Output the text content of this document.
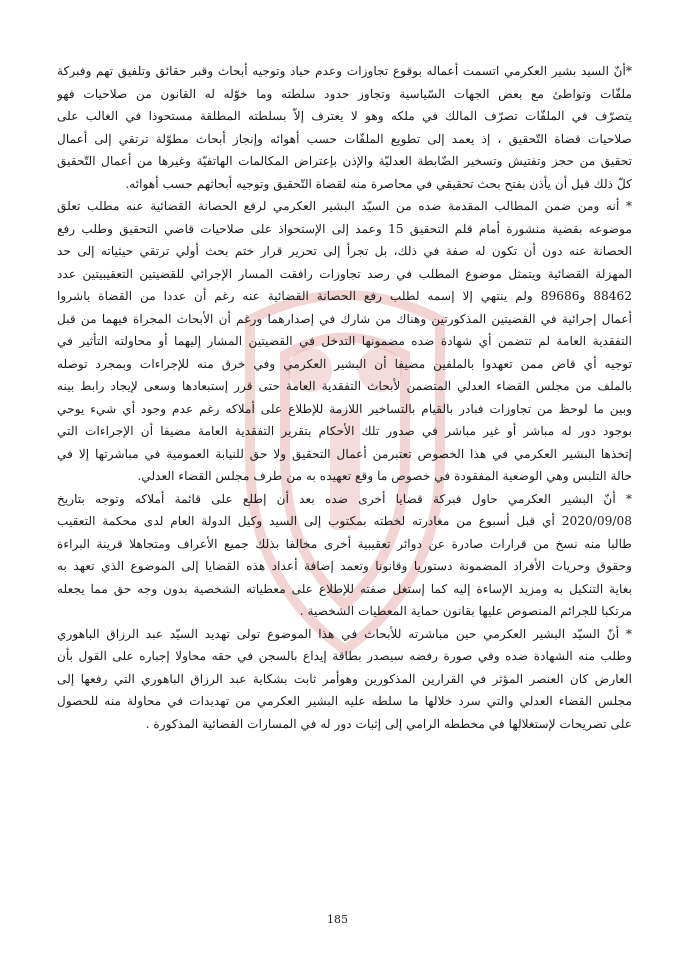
*أنّ السيد بشير العكرمي اتسمت أعماله بوقوع تجاوزات وعدم حياد وتوجيه أبحاث وقبر حقائق وتلفيق تهم وفبركة
ملفّات وتواطئ مع بعض الجهات السّياسية وتجاوز حدود سلطته وما خوّله له القانون من صلاحيات فهو
يتصرّف في الملفّات تصرّف المالك في ملكه وهو لا يعترف إلاّ بسلطته المطلقة مستحوذا في الغالب على
صلاحيات قضاة التّحقيق ، إذ يعمد إلى تطويع الملفّات حسب أهوائه وإنجاز أبحاث مطوّلة ترتقي إلى أعمال
تحقيق من حجز وتفتيش وتسخير الضّابطة العدليّة والإذن بإعتراض المكالمات الهاتفيّة وغيرها من أعمال التّحقيق
كلّ ذلك قبل أن يأذن بفتح بحث تحقيقي في محاصرة منه لقضاة التّحقيق وتوجيه أبحاثهم حسب أهوائه.
* أنه ومن ضمن المطالب المقدمة ضده من السيّد البشير العكرمي لرفع الحصانة القضائية عنه مطلب تعلق
موضوعه بقضية منشورة أمام قلم التحقيق 15 وعمد إلى الإستحواذ على صلاحيات قاضي التحقيق وطلب رفع
الحصانة عنه دون أن تكون له صفة في ذلك، بل تجرأ إلى تحرير قرار ختم بحث أولي ترتقي حيثياته إلى حد
المهزلة القضائية ويتمثل موضوع المطلب في رصد تجاوزات رافقت المسار الإجرائي للقضيتين التعقيبيتين عدد
88462 و89686 ولم ينتهي إلا إسمه لطلب رفع الحصانة القضائية عنه رغم أن عددا من القضاة باشروا
أعمال إجرائية في القضيتين المذكورتين وهناك من شارك في إصدارهما ورغم أن الأبحاث المجراة فيهما من قبل
التفقدية العامة لم تتضمن أي شهادة ضده مضمونها التدخل في القضيتين المشار إليهما أو محاولته التأثير في
توجيه أي قاض ممن تعهدوا بالملفين مضيفا أن البشير العكرمي وفي خرق منه للإجراءات وبمجرد توصله
بالملف من مجلس القضاء العدلي المتضمن لأبحاث التفقدية العامة حتى قرر إستبعادها وسعى لإيجاد رابط بينه
وبين ما لوحظ من تجاوزات فبادر بالقيام بالتساخير اللازمة للإطلاع على أملاكه رغم عدم وجود أي شيء يوحي
بوجود دور له مباشر أو غير مباشر في صدور تلك الأحكام بتقرير التفقدية العامة مضيفا أن الإجراءات التي
إتخذها البشير العكرمي في هذا الخصوص تعتبرمن أعمال التحقيق ولا حق للنيابة العمومية في مباشرتها إلا في
حالة التلبس وهي الوضعية المفقودة في خصوص ما وقع تعهيده به من طرف مجلس القضاء العدلي.
* أنّ البشير العكرمي حاول فبركة قضايا أخرى ضده بعد أن إطلع على قائمة أملاكه وتوجه بتاريخ
2020/09/08 أي قبل أسبوع من مغادرته لخطته بمكتوب إلى السيد وكيل الدولة العام لدى محكمة التعقيب
طالبا منه نسخ من قرارات صادرة عن دوائر تعقيبية أخرى مخالفا بذلك جميع الأعراف ومتجاهلا قرينة البراءة
وحقوق وحريات الأفراد المضمونة دستوريا وقانونا وتعمد إضافة أعداد هذه القضايا إلى الموضوع الذي تعهد به
بغاية التنكيل به ومزيد الإساءة إليه كما إستغل صفته للإطلاع على معطياته الشخصية بدون وجه حق مما يجعله
مرتكبا للجرائم المنصوص عليها بقانون حماية المعطيات الشخصية .
* أنّ السيّد البشير العكرمي حين مباشرته للأبحاث في هذا الموضوع تولى تهديد السيّد عبد الرزاق الباهوري
وطلب منه الشهادة ضده وفي صورة رفضه سيصدر بطاقة إيداع بالسجن في حقه محاولا إجباره على القول بأن
العارض كان العنصر المؤثر في القرارين المذكورين وهوأمر ثابت بشكاية عبد الرزاق الباهوري التي رفعها إلى
مجلس القضاء العدلي والتي سرد خلالها ما سلطه عليه البشير العكرمي من تهديدات في محاولة منه للحصول
على تصريحات لإستغلالها في مخططه الرامي إلى إثبات دور له في المسارات القضائية المذكورة .
185
